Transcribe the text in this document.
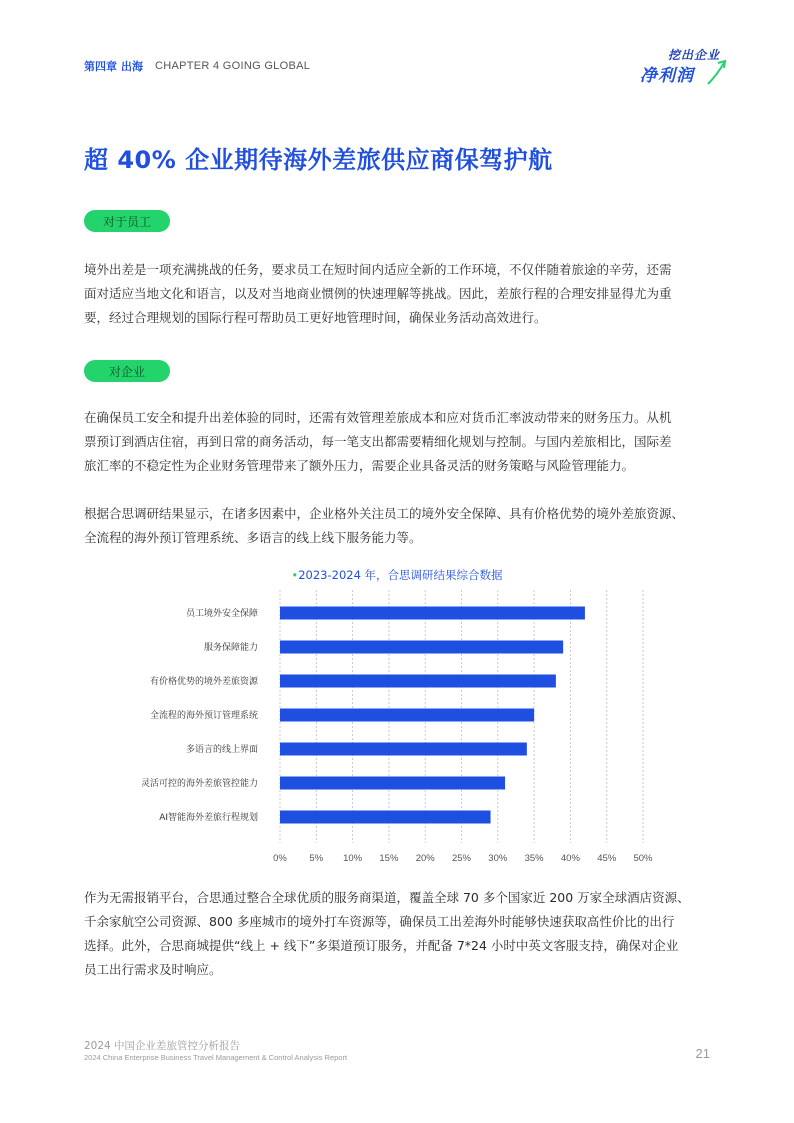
第四章 出海 CHAPTER 4 GOING GLOBAL
挖出企业
净利润
超 40% 企业期待海外差旅供应商保驾护航
对于员工
境外出差是一项充满挑战的任务，要求员工在短时间内适应全新的工作环境，不仅伴随着旅途的辛劳，还需
面对适应当地文化和语言，以及对当地商业惯例的快速理解等挑战。因此，差旅行程的合理安排显得尤为重
要，经过合理规划的国际行程可帮助员工更好地管理时间，确保业务活动高效进行。
对企业
在确保员工安全和提升出差体验的同时，还需有效管理差旅成本和应对货币汇率波动带来的财务压力。从机
票预订到酒店住宿，再到日常的商务活动，每一笔支出都需要精细化规划与控制。与国内差旅相比，国际差
旅汇率的不稳定性为企业财务管理带来了额外压力，需要企业具备灵活的财务策略与风险管理能力。
根据合思调研结果显示，在诸多因素中，企业格外关注员工的境外安全保障、具有价格优势的境外差旅资源、
全流程的海外预订管理系统、多语言的线上线下服务能力等。
•2023-2024 年，合思调研结果综合数据
0% 5% 10% 15% 20% 25% 30% 35% 40% 45% 50%
员工境外安全保障
服务保障能力
有价格优势的境外差旅资源
全流程的海外预订管理系统
多语言的线上界面
灵活可控的海外差旅管控能力
AI智能海外差旅行程规划
作为无需报销平台，合思通过整合全球优质的服务商渠道，覆盖全球 70 多个国家近 200 万家全球酒店资源、
千余家航空公司资源、800 多座城市的境外打车资源等，确保员工出差海外时能够快速获取高性价比的出行
选择。此外，合思商城提供“线上 + 线下”多渠道预订服务，并配备 7*24 小时中英文客服支持，确保对企业
员工出行需求及时响应。
2024 中国企业差旅管控分析报告
2024 China Enterprise Business Travel Management & Control Analysis Report	21
